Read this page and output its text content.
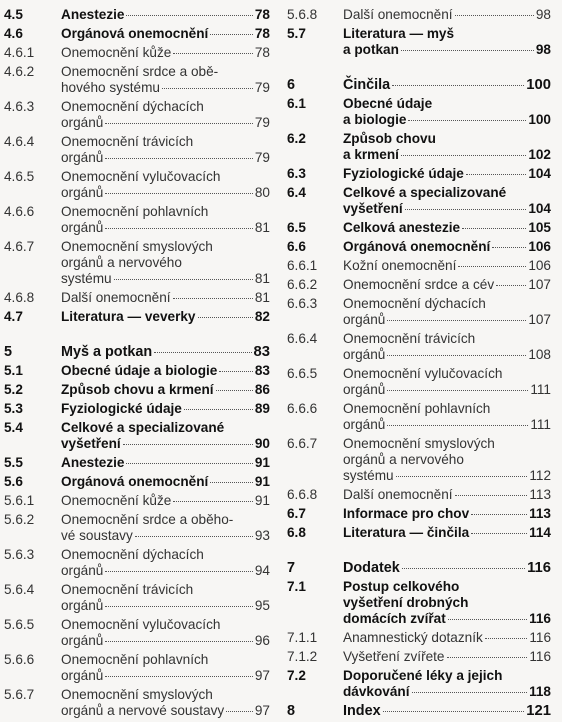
4.5	Anestezie	78
4.6	Orgánová onemocnění	78
4.6.1	Onemocnění kůže	78
4.6.2	Onemocnění srdce a obě-
hového systému	79
4.6.3	Onemocnění dýchacích
orgánů	79
4.6.4	Onemocnění trávicích
orgánů	79
4.6.5	Onemocnění vylučovacích
orgánů	80
4.6.6	Onemocnění pohlavních
orgánů	81
4.6.7	Onemocnění smyslových
orgánů a nervového
systému	81
4.6.8	Další onemocnění	81
4.7	Literatura — veverky	82
5	Myš a potkan	83
5.1	Obecné údaje a biologie	83
5.2	Způsob chovu a krmení	86
5.3	Fyziologické údaje	89
5.4	Celkové a specializované
vyšetření	90
5.5	Anestezie	91
5.6	Orgánová onemocnění	91
5.6.1	Onemocnění kůže	91
5.6.2	Onemocnění srdce a oběho-
vé soustavy	93
5.6.3	Onemocnění dýchacích
orgánů	94
5.6.4	Onemocnění trávicích
orgánů	95
5.6.5	Onemocnění vylučovacích
orgánů	96
5.6.6	Onemocnění pohlavních
orgánů	97
5.6.7	Onemocnění smyslových
orgánů a nervové soustavy 97
5.6.8	Další onemocnění	98
5.7	Literatura — myš
a potkan	98
6	Činčila	100
6.1	Obecné údaje
a biologie	100
6.2	Způsob chovu
a krmení	102
6.3	Fyziologické údaje	104
6.4	Celkové a specializované
vyšetření	104
6.5	Celková anestezie	105
6.6	Orgánová onemocnění	106
6.6.1	Kožní onemocnění	106
6.6.2	Onemocnění srdce a cév	107
6.6.3	Onemocnění dýchacích
orgánů	107
6.6.4	Onemocnění trávicích
orgánů	108
6.6.5	Onemocnění vylučovacích
orgánů	111
6.6.6	Onemocnění pohlavních
orgánů	111
6.6.7	Onemocnění smyslových
orgánů a nervového
systému	112
6.6.8	Další onemocnění	113
6.7	Informace pro chov	113
6.8	Literatura — činčila	114
7	Dodatek	116
7.1	Postup celkového
vyšetření drobných
domácích zvířat	116
7.1.1	Anamnestický dotazník	116
7.1.2	Vyšetření zvířete	116
7.2	Doporučené léky a jejich
dávkování	118
8	Index	121
